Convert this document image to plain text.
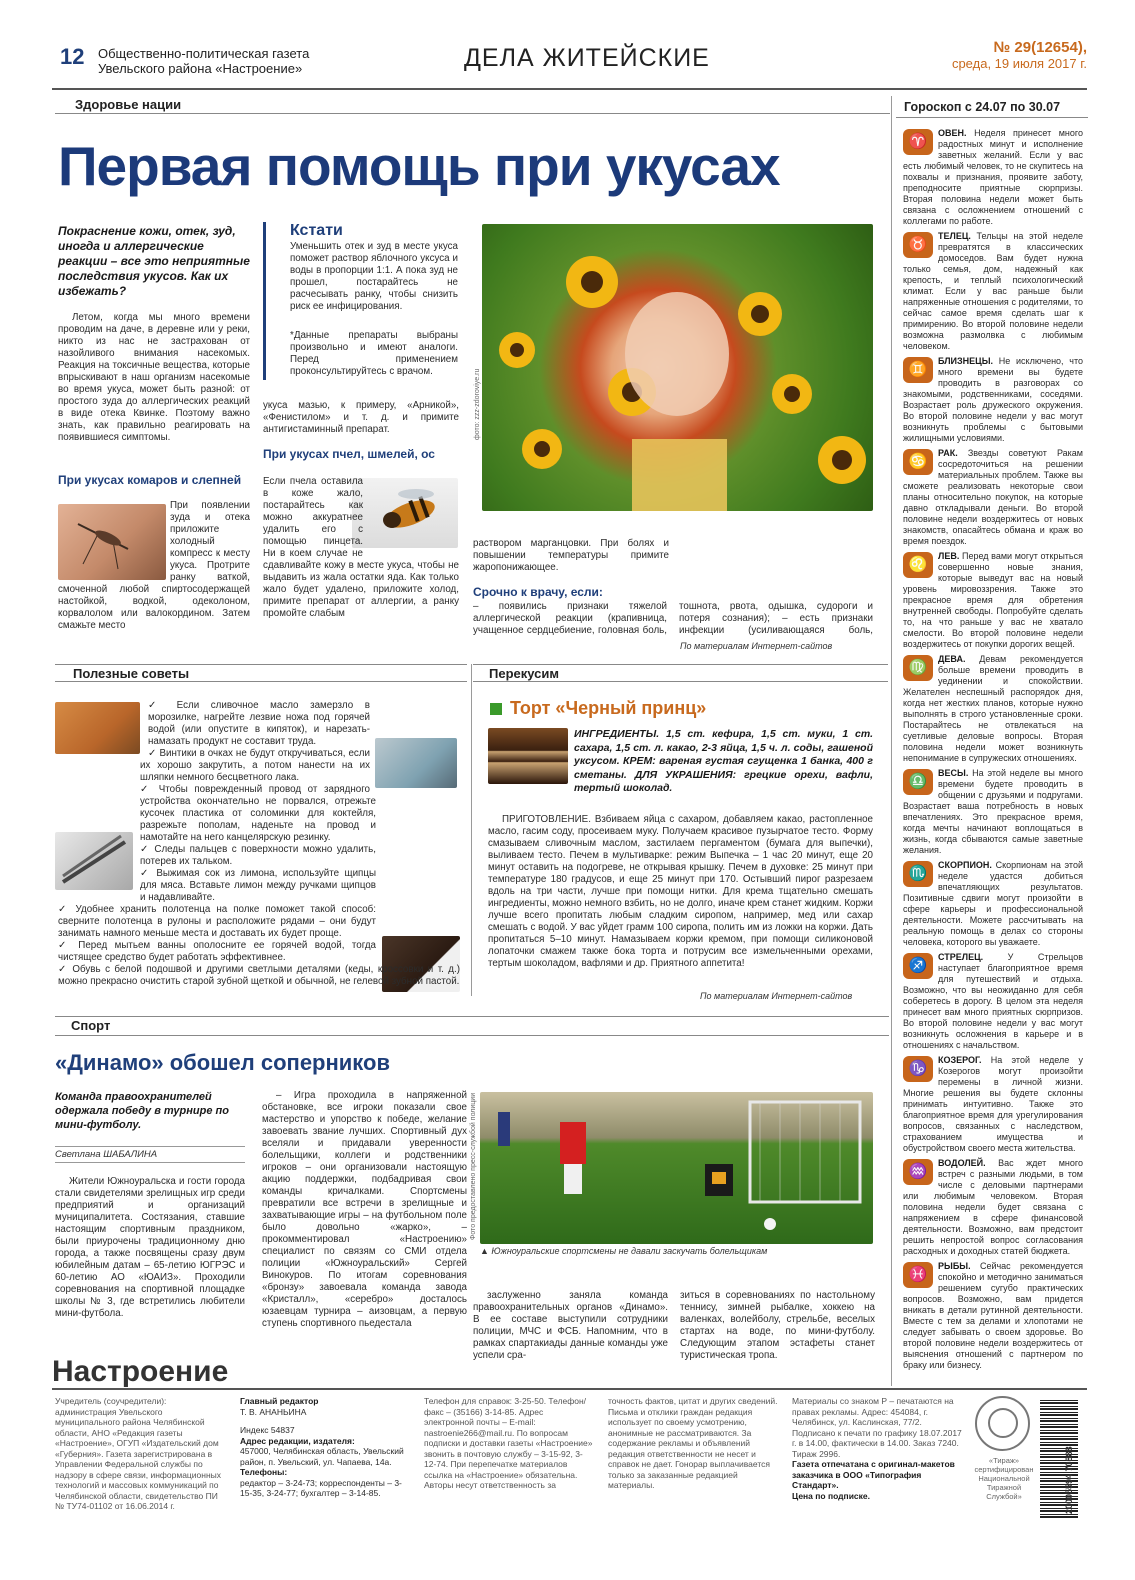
12 Общественно-политическая газета
Увельского района «Настроение»	ДЕЛА ЖИТЕЙСКИЕ	№ 29(12654),
среда, 19 июля 2017 г.
Здоровье нации
Первая помощь при укусах
Покраснение кожи, отек, зуд, иногда и аллергические реакции – все это неприятные последствия укусов. Как их избежать?
Летом, когда мы много времени проводим на даче, в деревне или у реки, никто из нас не застрахован от назойливого внимания насекомых. Реакция на токсичные вещества, которые впрыскивают в наш организм насекомые во время укуса, может быть разной: от простого зуда до аллергических реакций в виде отека Квинке. Поэтому важно знать, как правильно реагировать на появившиеся симптомы.
При укусах комаров и слепней
При появлении зуда и отека приложите холодный компресс к месту укуса. Протрите ранку ваткой, смоченной любой спиртосодержащей настойкой, водкой, одеколоном, корвалолом или валокордином. Затем смажьте место
Кстати
Уменьшить отек и зуд в месте укуса поможет раствор яблочного уксуса и воды в пропорции 1:1. А пока зуд не прошел, постарайтесь не расчесывать ранку, чтобы снизить риск ее инфицирования.
*Данные препараты выбраны произвольно и имеют аналоги. Перед применением проконсультируйтесь с врачом.
укуса мазью, к примеру, «Арникой», «Фенистилом» и т. д. и примите антигистаминный препарат.
При укусах пчел, шмелей, ос
Если пчела оставила в коже жало, постарайтесь как можно аккуратнее удалить его с помощью пинцета. Ни в коем случае не сдавливайте кожу в месте укуса, чтобы не выдавить из жала остатки яда. Как только жало будет удалено, приложите холод, примите препарат от аллергии, а ранку промойте слабым
фото: zzz-zdoroviye.ru
раствором марганцовки. При болях и повышении температуры примите жаропонижающее.
Срочно к врачу, если:
– появились признаки тяжелой аллергической реакции (крапивница, учащенное сердцебиение, головная боль, тошнота, рвота, одышка, судороги и потеря сознания); – есть признаки инфекции (усиливающаяся боль,
По материалам Интернет-сайтов
Полезные советы
✓ Если сливочное масло замерзло в морозилке, нагрейте лезвие ножа под горячей водой (или опустите в кипяток), и нарезать-намазать продукт не составит труда.
✓ Винтики в очках не будут откручиваться, если их хорошо закрутить, а потом нанести на их шляпки немного бесцветного лака.
✓ Чтобы поврежденный провод от зарядного устройства окончательно не порвался, отрежьте кусочек пластика от соломинки для коктейля, разрежьте пополам, наденьте на провод и намотайте на него канцелярскую резинку.
✓ Следы пальцев с поверхности можно удалить, потерев их тальком.
✓ Выжимая сок из лимона, используйте щипцы для мяса. Вставьте лимон между ручками щипцов и надавливайте.
✓ Удобнее хранить полотенца на полке поможет такой способ: сверните полотенца в рулоны и расположите рядами – они будут занимать намного меньше места и доставать их будет проще.
✓ Перед мытьем ванны ополосните ее горячей водой, тогда чистящее средство будет работать эффективнее.
✓ Обувь с белой подошвой и другими светлыми деталями (кеды, кроссовки и т. д.) можно прекрасно очистить старой зубной щеткой и обычной, не гелевой зубной пастой.
Перекусим
Торт «Черный принц»
ИНГРЕДИЕНТЫ. 1,5 ст. кефира, 1,5 ст. муки, 1 ст. сахара, 1,5 ст. л. какао, 2-3 яйца, 1,5 ч. л. соды, гашеной уксусом. КРЕМ: вареная густая сгущенка 1 банка, 400 г сметаны. ДЛЯ УКРАШЕНИЯ: грецкие орехи, вафли, тертый шоколад.
ПРИГОТОВЛЕНИЕ. Взбиваем яйца с сахаром, добавляем какао, растопленное масло, гасим соду, просеиваем муку. Получаем красивое пузырчатое тесто. Форму смазываем сливочным маслом, застилаем пергаментом (бумага для выпечки), выливаем тесто. Печем в мультиварке: режим Выпечка – 1 час 20 минут, еще 20 минут оставить на подогреве, не открывая крышку. Печем в духовке: 25 минут при температуре 180 градусов, и еще 25 минут при 170. Остывший пирог разрезаем вдоль на три части, лучше при помощи нитки. Для крема тщательно смешать ингредиенты, можно немного взбить, но не долго, иначе крем станет жидким. Коржи лучше всего пропитать любым сладким сиропом, например, мед или сахар смешать с водой. У вас уйдет грамм 100 сиропа, полить им из ложки на коржи. Дать пропитаться 5–10 минут. Намазываем коржи кремом, при помощи силиконовой лопаточки смажем также бока торта и потрусим все измельченными орехами, тертым шоколадом, вафлями и др. Приятного аппетита!
По материалам Интернет-сайтов
Спорт
«Динамо» обошел соперников
Команда правоохранителей одержала победу в турнире по мини-футболу.
Светлана ШАБАЛИНА
Жители Южноуральска и гости города стали свидетелями зрелищных игр среди предприятий и организаций муниципалитета. Состязания, ставшие настоящим спортивным праздником, были приурочены традиционному дню города, а также посвящены сразу двум юбилейным датам – 65-летию ЮГРЭС и 60-летию АО «ЮАИЗ». Проходили соревнования на спортивной площадке школы № 3, где встретились любители мини-футбола.
– Игра проходила в напряженной обстановке, все игроки показали свое мастерство и упорство к победе, желание завоевать звание лучших. Спортивный дух вселяли и придавали уверенности болельщики, коллеги и родственники игроков – они организовали настоящую акцию поддержки, подбадривая свои команды кричалками. Спортсмены превратили все встречи в зрелищные и захватывающие игры – на футбольном поле было довольно «жарко», – прокомментировал «Настроению» специалист по связям со СМИ отдела полиции «Южноуральский» Сергей Винокуров. По итогам соревнования «бронзу» завоевала команда завода «Кристалл», «серебро» досталось юзаевцам турнира – аизовцам, а первую ступень спортивного пьедестала
Фото предоставлено пресс-службой полиции
▲ Южноуральские спортсмены не давали заскучать болельщикам
заслуженно заняла команда правоохранительных органов «Динамо». В ее составе выступили сотрудники полиции, МЧС и ФСБ. Напомним, что в рамках спартакиады данные команды уже успели сра-
зиться в соревнованиях по настольному теннису, зимней рыбалке, хоккею на валенках, волейболу, стрельбе, веселых стартах на воде, по мини-футболу. Следующим этапом эстафеты станет туристическая тропа.
Гороскоп с 24.07 по 30.07
♈	ОВЕН. Неделя принесет много радостных минут и исполнение заветных желаний. Если у вас есть любимый человек, то не скупитесь на похвалы и признания, проявите заботу, преподносите приятные сюрпризы. Вторая половина недели может быть связана с осложнением отношений с коллегами по работе.
♉	ТЕЛЕЦ. Тельцы на этой неделе превратятся в классических домоседов. Вам будет нужна только семья, дом, надежный как крепость, и теплый психологический климат. Если у вас раньше были напряженные отношения с родителями, то сейчас самое время сделать шаг к примирению. Во второй половине недели возможна размолвка с любимым человеком.
♊	БЛИЗНЕЦЫ. Не исключено, что много времени вы будете проводить в разговорах со знакомыми, родственниками, соседями. Возрастает роль дружеского окружения. Во второй половине недели у вас могут возникнуть проблемы с бытовыми жилищными условиями.
♋	РАК. Звезды советуют Ракам сосредоточиться на решении материальных проблем. Также вы сможете реализовать некоторые свои планы относительно покупок, на которые давно откладывали деньги. Во второй половине недели воздержитесь от новых знакомств, опасайтесь обмана и краж во время поездок.
♌	ЛЕВ. Перед вами могут открыться совершенно новые знания, которые выведут вас на новый уровень мировоззрения. Также это прекрасное время для обретения внутренней свободы. Попробуйте сделать то, на что раньше у вас не хватало смелости. Во второй половине недели воздержитесь от покупки дорогих вещей.
♍	ДЕВА. Девам рекомендуется больше времени проводить в уединении и спокойствии. Желателен неспешный распорядок дня, когда нет жестких планов, которые нужно выполнять в строго установленные сроки. Постарайтесь не отвлекаться на суетливые деловые вопросы. Вторая половина недели может возникнуть непонимание в супружеских отношениях.
♎	ВЕСЫ. На этой неделе вы много времени будете проводить в общении с друзьями и подругами. Возрастает ваша потребность в новых впечатлениях. Это прекрасное время, когда мечты начинают воплощаться в жизнь, когда сбываются самые заветные желания.
♏	СКОРПИОН. Скорпионам на этой неделе удастся добиться впечатляющих результатов. Позитивные сдвиги могут произойти в сфере карьеры и профессиональной деятельности. Можете рассчитывать на реальную помощь в делах со стороны человека, которого вы уважаете.
♐	СТРЕЛЕЦ.	У Стрельцов наступает благоприятное время для путешествий и отдыха. Возможно, что вы неожиданно для себя соберетесь в дорогу. В целом эта неделя принесет вам много приятных сюрпризов. Во второй половине недели у вас могут возникнуть осложнения в карьере и в отношениях с начальством.
♑	КОЗЕРОГ. На этой неделе у Козерогов могут произойти перемены в личной жизни. Многие решения вы будете склонны принимать интуитивно. Также это благоприятное время для урегулирования вопросов, связанных с наследством, страхованием имущества и обустройством своего места жительства.
♒	ВОДОЛЕЙ. Вас ждет много встреч с разными людьми, в том числе с деловыми партнерами или любимым человеком. Вторая половина недели будет связана с напряжением в сфере финансовой деятельности. Возможно, вам предстоит решить непростой вопрос согласования расходных и доходных статей бюджета.
♓	РЫБЫ. Сейчас рекомендуется спокойно и методично заниматься решением сугубо практических вопросов. Возможно, вам придется вникать в детали рутинной деятельности. Вместе с тем за делами и хлопотами не следует забывать о своем здоровье. Во второй половине недели воздержитесь от выяснения отношений с партнером по браку или бизнесу.
Настроение
Учредитель (соучредители): администрация Увельского муниципального района Челябинской области, АНО «Редакция газеты «Настроение», ОГУП «Издательский дом «Губерния». Газета зарегистрирована в Управлении Федеральной службы по надзору в сфере связи, информационных технологий и массовых коммуникаций по Челябинской области, свидетельство ПИ № ТУ74-01102 от 16.06.2014 г.
Главный редактор
Т. В. АНАНЬИНА
Индекс 54837
Адрес редакции, издателя:
457000, Челябинская область, Увельский район, п. Увельский, ул. Чапаева, 14а.
Телефоны:
редактор – 3-24-73; корреспонденты – 3-15-35, 3-24-77; бухгалтер – 3-14-85.
Телефон для справок: 3-25-50. Телефон/факс – (35166) 3-14-85. Адрес электронной почты – E-mail: nastroenie266@mail.ru. По вопросам подписки и доставки газеты «Настроение» звонить в почтовую службу – 3-15-92, 3-12-74. При перепечатке материалов ссылка на «Настроение» обязательна. Авторы несут ответственность за
точность фактов, цитат и других сведений. Письма и отклики граждан редакция использует по своему усмотрению, анонимные не рассматриваются. За содержание рекламы и объявлений редакция ответственности не несет и справок не дает. Гонорар выплачивается только за заказанные редакцией материалы.
Материалы со знаком Р – печатаются на правах рекламы. Адрес: 454084, г. Челябинск, ул. Каслинская, 77/2. Подписано к печати по графику 18.07.2017 г. в 14.00, фактически в 14.00. Заказ 7240. Тираж 2996.
Газета отпечатана с оригинал-макетов заказчика в ООО «Типография Стандарт».
Цена по подписке.
«Тираж» сертифицирован Национальной Тиражной Службой»	20005594 70888
